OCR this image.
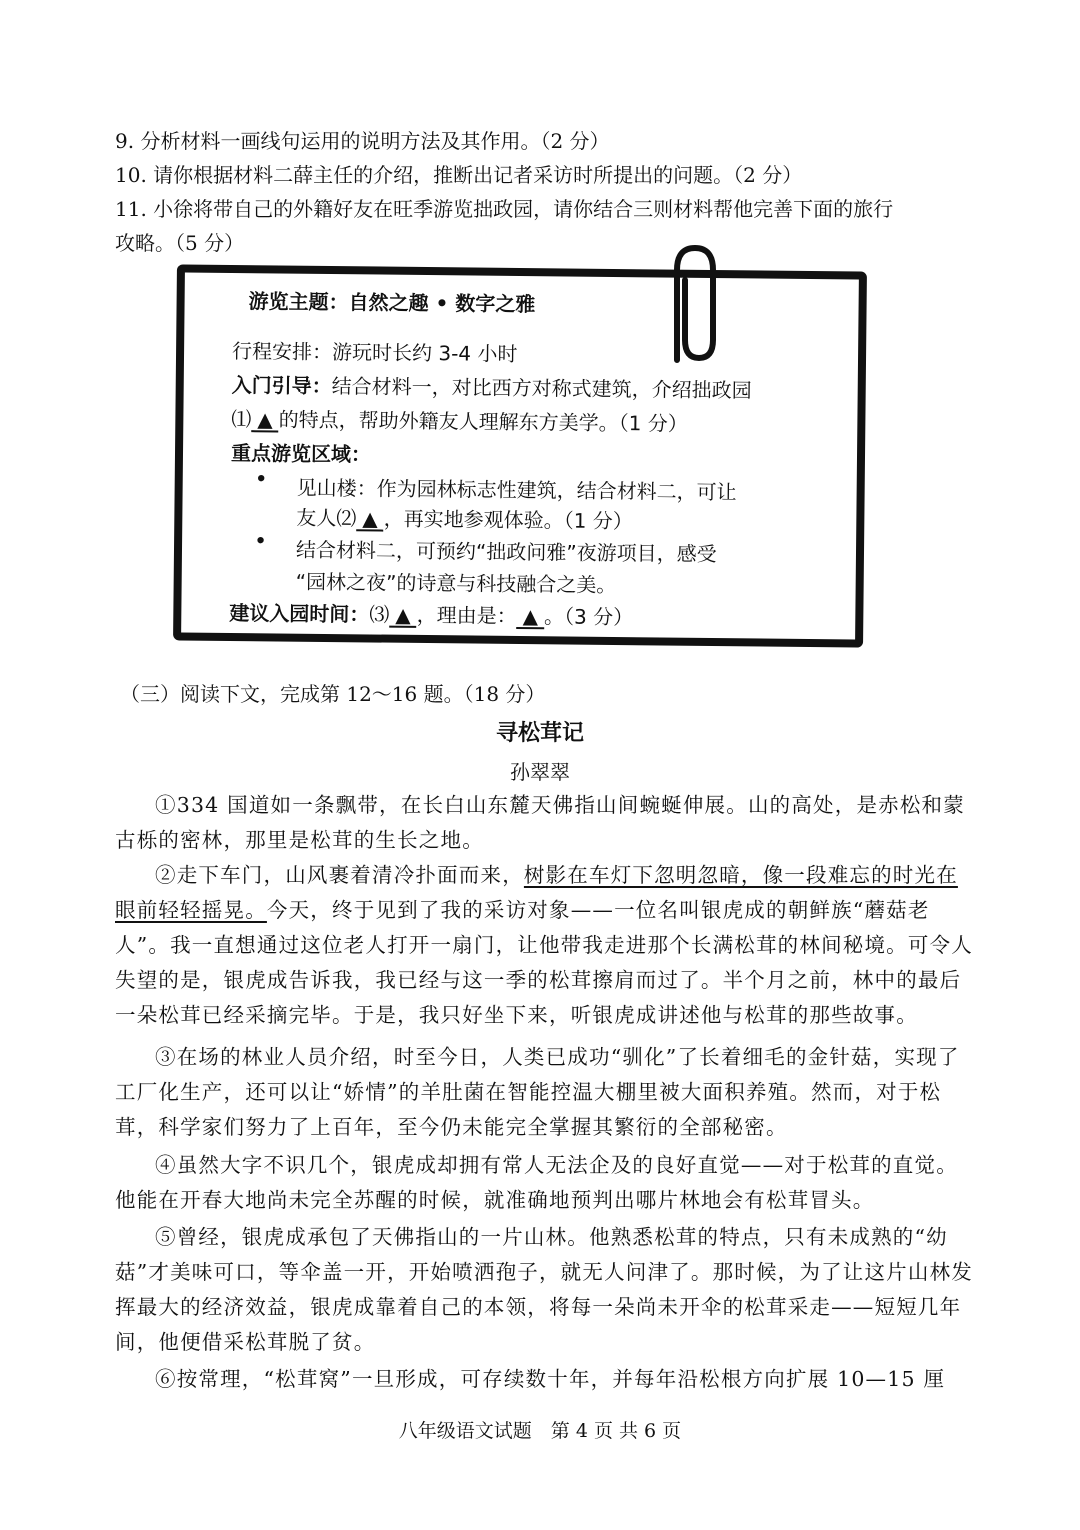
9. 分析材料一画线句运用的说明方法及其作用。（2 分）
10. 请你根据材料二薛主任的介绍，推断出记者采访时所提出的问题。（2 分）
11. 小徐将带自己的外籍好友在旺季游览拙政园，请你结合三则材料帮他完善下面的旅行
攻略。（5 分）
游览主题：自然之趣 • 数字之雅
行程安排：游玩时长约 3-4 小时
入门引导：结合材料一，对比西方对称式建筑，介绍拙政园
⑴ ▲ 的特点，帮助外籍友人理解东方美学。（1 分）
重点游览区域：
• 见山楼：作为园林标志性建筑，结合材料二，可让
友人⑵ ▲ ，再实地参观体验。（1 分）
• 结合材料二，可预约“拙政问雅”夜游项目，感受
“园林之夜”的诗意与科技融合之美。
建议入园时间：⑶ ▲ ，理由是： ▲ 。（3 分）
（三）阅读下文，完成第 12～16 题。（18 分）
寻松茸记
孙翠翠
①334 国道如一条飘带，在长白山东麓天佛指山间蜿蜒伸展。山的高处，是赤松和蒙古栎的密林，那里是松茸的生长之地。
②走下车门，山风裹着清冷扑面而来，树影在车灯下忽明忽暗，像一段难忘的时光在眼前轻轻摇晃。今天，终于见到了我的采访对象——一位名叫银虎成的朝鲜族“蘑菇老人”。我一直想通过这位老人打开一扇门，让他带我走进那个长满松茸的林间秘境。可令人失望的是，银虎成告诉我，我已经与这一季的松茸擦肩而过了。半个月之前，林中的最后一朵松茸已经采摘完毕。于是，我只好坐下来，听银虎成讲述他与松茸的那些故事。
③在场的林业人员介绍，时至今日，人类已成功“驯化”了长着细毛的金针菇，实现了工厂化生产，还可以让“娇情”的羊肚菌在智能控温大棚里被大面积养殖。然而，对于松茸，科学家们努力了上百年，至今仍未能完全掌握其繁衍的全部秘密。
④虽然大字不识几个，银虎成却拥有常人无法企及的良好直觉——对于松茸的直觉。他能在开春大地尚未完全苏醒的时候，就准确地预判出哪片林地会有松茸冒头。
⑤曾经，银虎成承包了天佛指山的一片山林。他熟悉松茸的特点，只有未成熟的“幼菇”才美味可口，等伞盖一开，开始喷洒孢子，就无人问津了。那时候，为了让这片山林发挥最大的经济效益，银虎成靠着自己的本领，将每一朵尚未开伞的松茸采走——短短几年间，他便借采松茸脱了贫。
⑥按常理，“松茸窝”一旦形成，可存续数十年，并每年沿松根方向扩展 10—15 厘
八年级语文试题　第 4 页 共 6 页
